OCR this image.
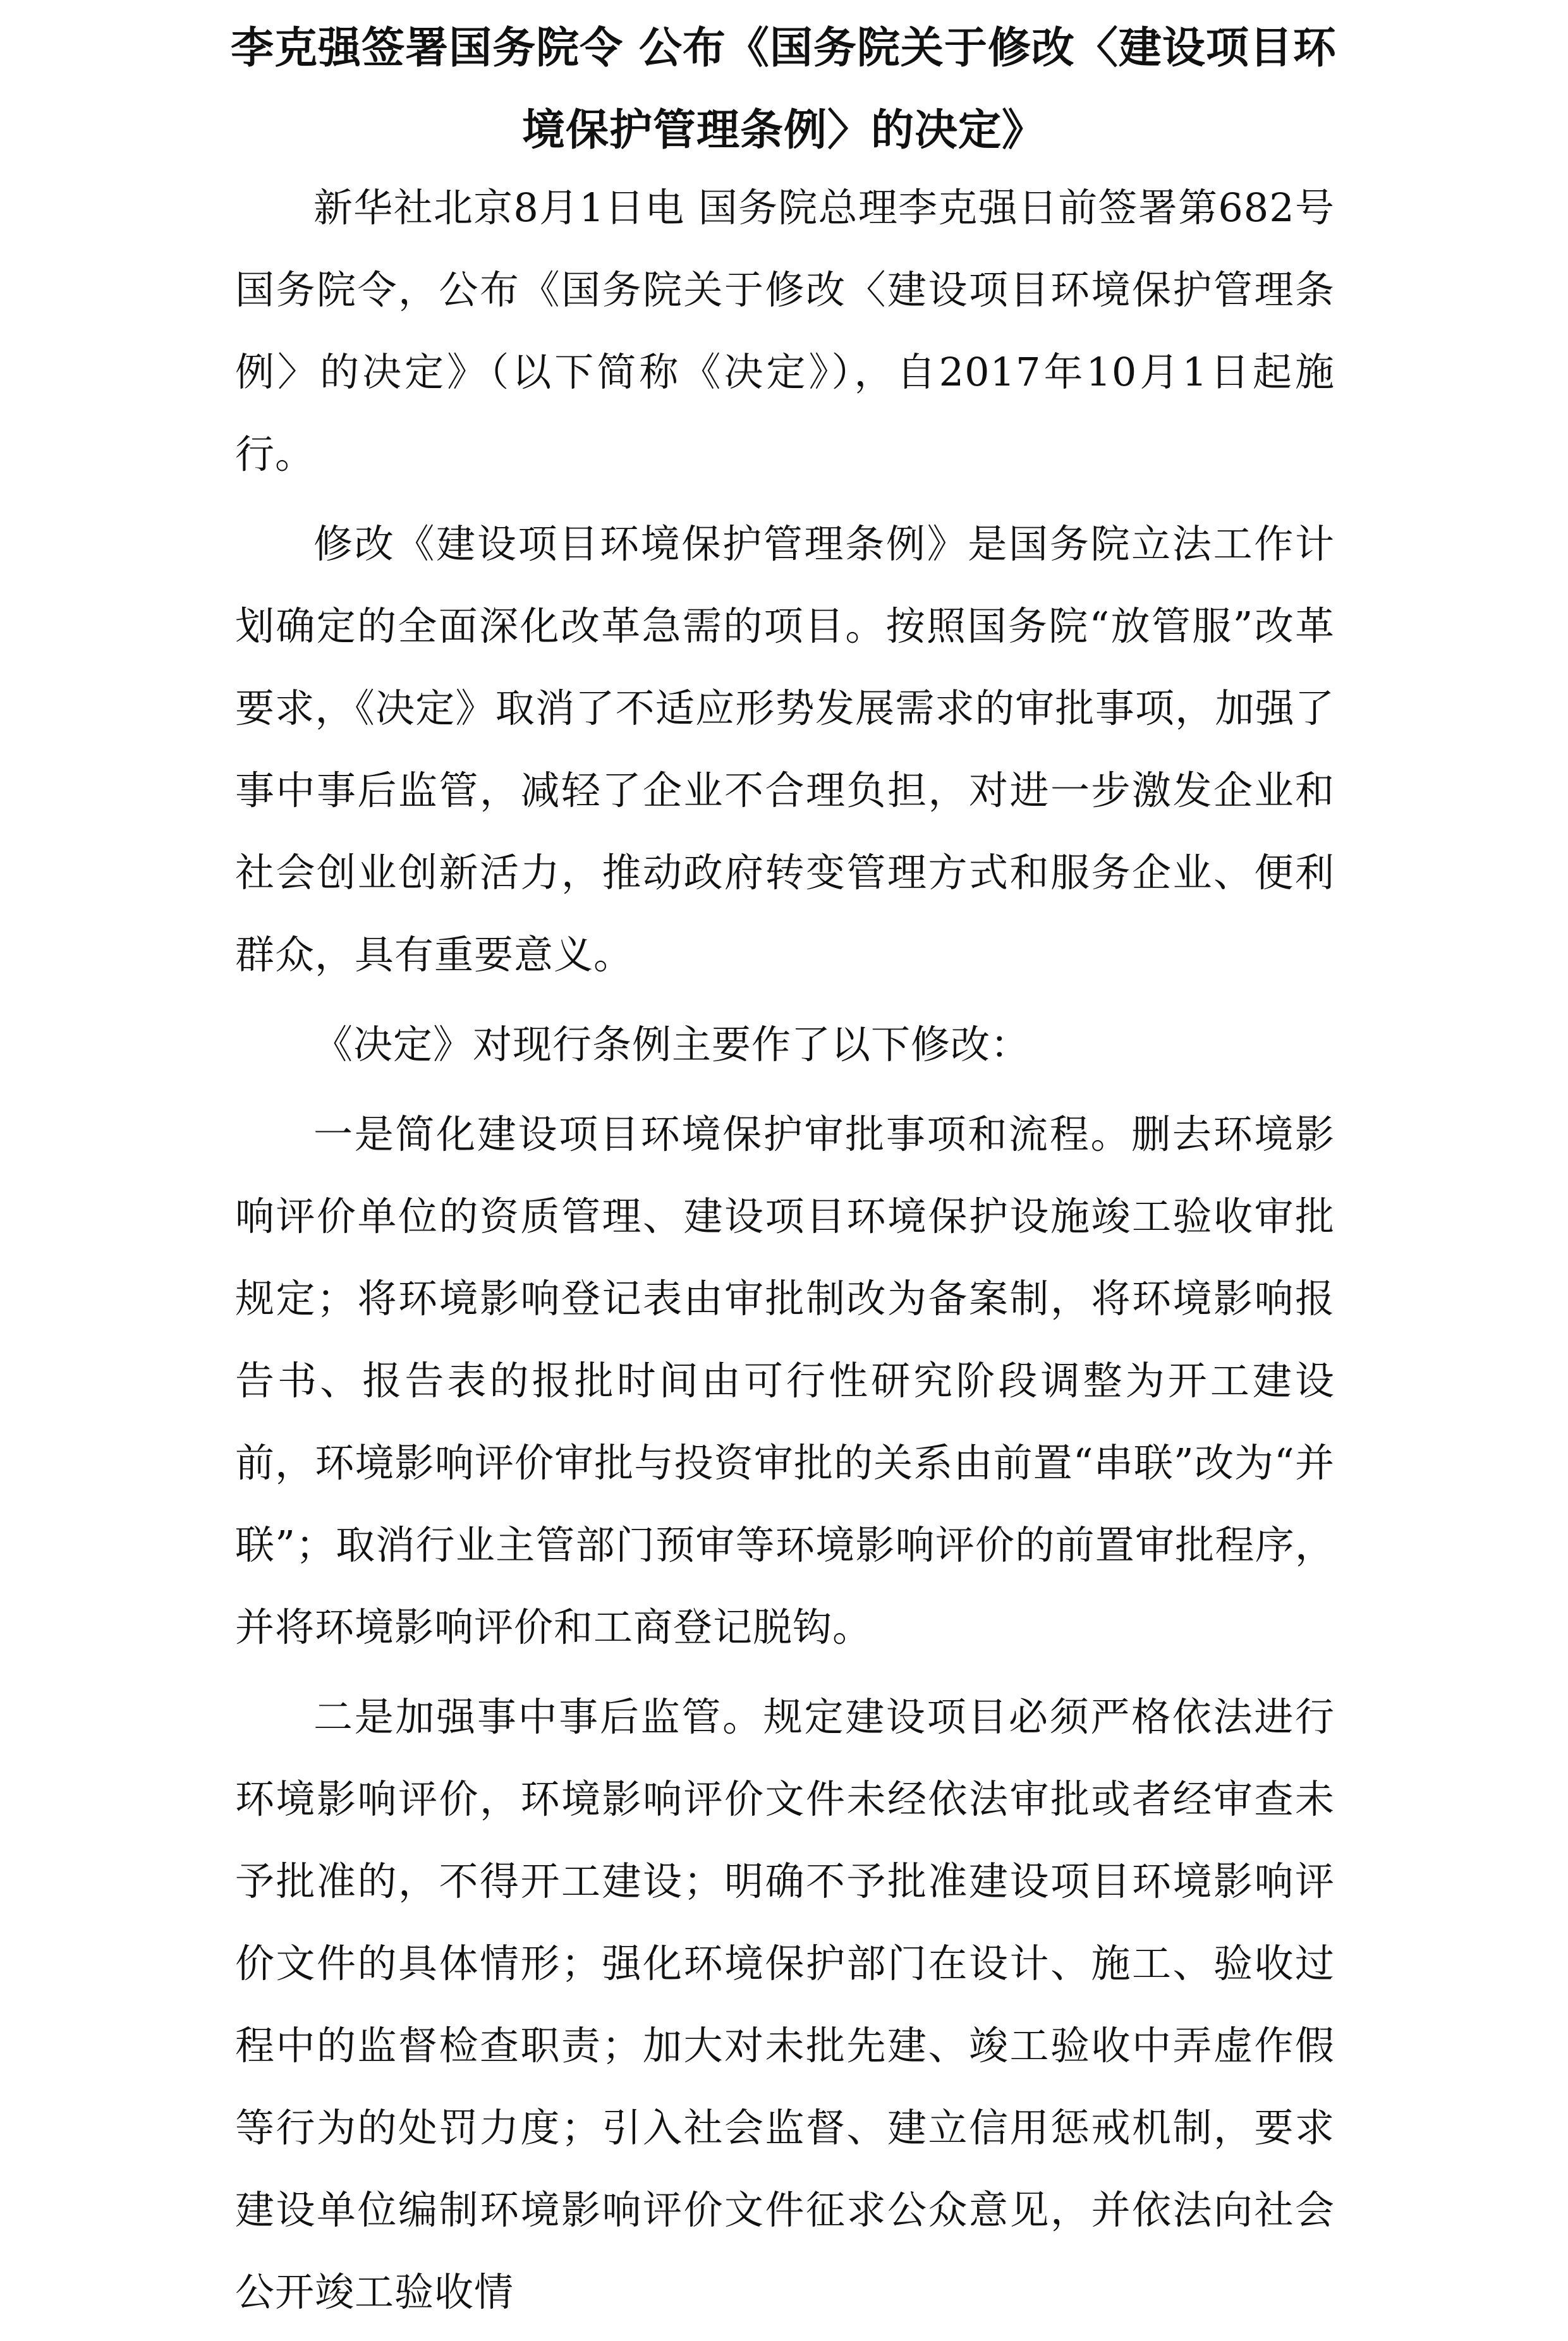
李克强签署国务院令 公布《国务院关于修改〈建设项目环境保护管理条例〉的决定》

新华社北京8月1日电 国务院总理李克强日前签署第682号国务院令，公布《国务院关于修改〈建设项目环境保护管理条例〉的决定》（以下简称《决定》），自2017年10月1日起施行。

修改《建设项目环境保护管理条例》是国务院立法工作计划确定的全面深化改革急需的项目。按照国务院“放管服”改革要求，《决定》取消了不适应形势发展需求的审批事项，加强了事中事后监管，减轻了企业不合理负担，对进一步激发企业和社会创业创新活力，推动政府转变管理方式和服务企业、便利群众，具有重要意义。

《决定》对现行条例主要作了以下修改：

一是简化建设项目环境保护审批事项和流程。删去环境影响评价单位的资质管理、建设项目环境保护设施竣工验收审批规定；将环境影响登记表由审批制改为备案制，将环境影响报告书、报告表的报批时间由可行性研究阶段调整为开工建设前，环境影响评价审批与投资审批的关系由前置“串联”改为“并联”；取消行业主管部门预审等环境影响评价的前置审批程序，并将环境影响评价和工商登记脱钩。

二是加强事中事后监管。规定建设项目必须严格依法进行环境影响评价，环境影响评价文件未经依法审批或者经审查未予批准的，不得开工建设；明确不予批准建设项目环境影响评价文件的具体情形；强化环境保护部门在设计、施工、验收过程中的监督检查职责；加大对未批先建、竣工验收中弄虚作假等行为的处罚力度；引入社会监督、建立信用惩戒机制，要求建设单位编制环境影响评价文件征求公众意见，并依法向社会公开竣工验收情
